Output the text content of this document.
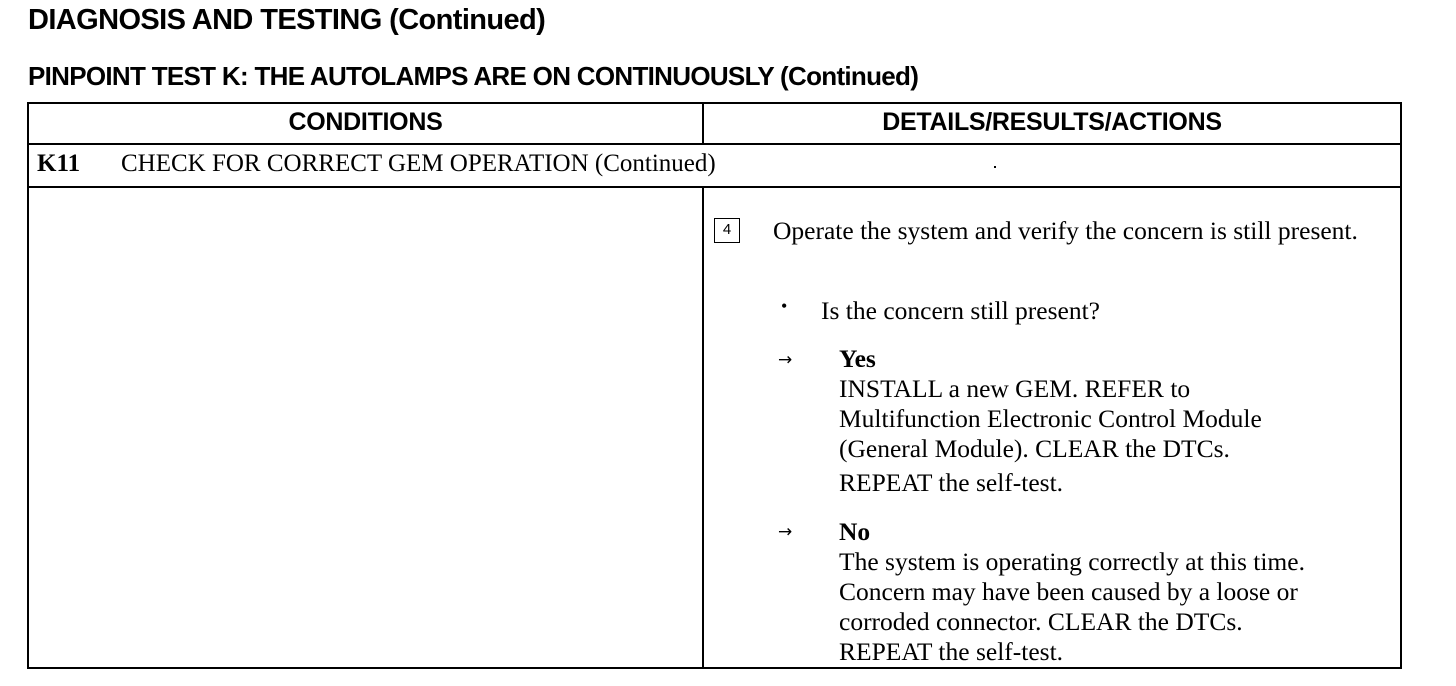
DIAGNOSIS AND TESTING (Continued)
PINPOINT TEST K: THE AUTOLAMPS ARE ON CONTINUOUSLY (Continued)
CONDITIONS	DETAILS/RESULTS/ACTIONS
K11 CHECK FOR CORRECT GEM OPERATION (Continued)
4	Operate the system and verify the concern is still present.
• Is the concern still present?
→ Yes
INSTALL a new GEM. REFER to
Multifunction Electronic Control Module
(General Module). CLEAR the DTCs.
REPEAT the self-test.
→ No
The system is operating correctly at this time.
Concern may have been caused by a loose or
corroded connector. CLEAR the DTCs.
REPEAT the self-test.
